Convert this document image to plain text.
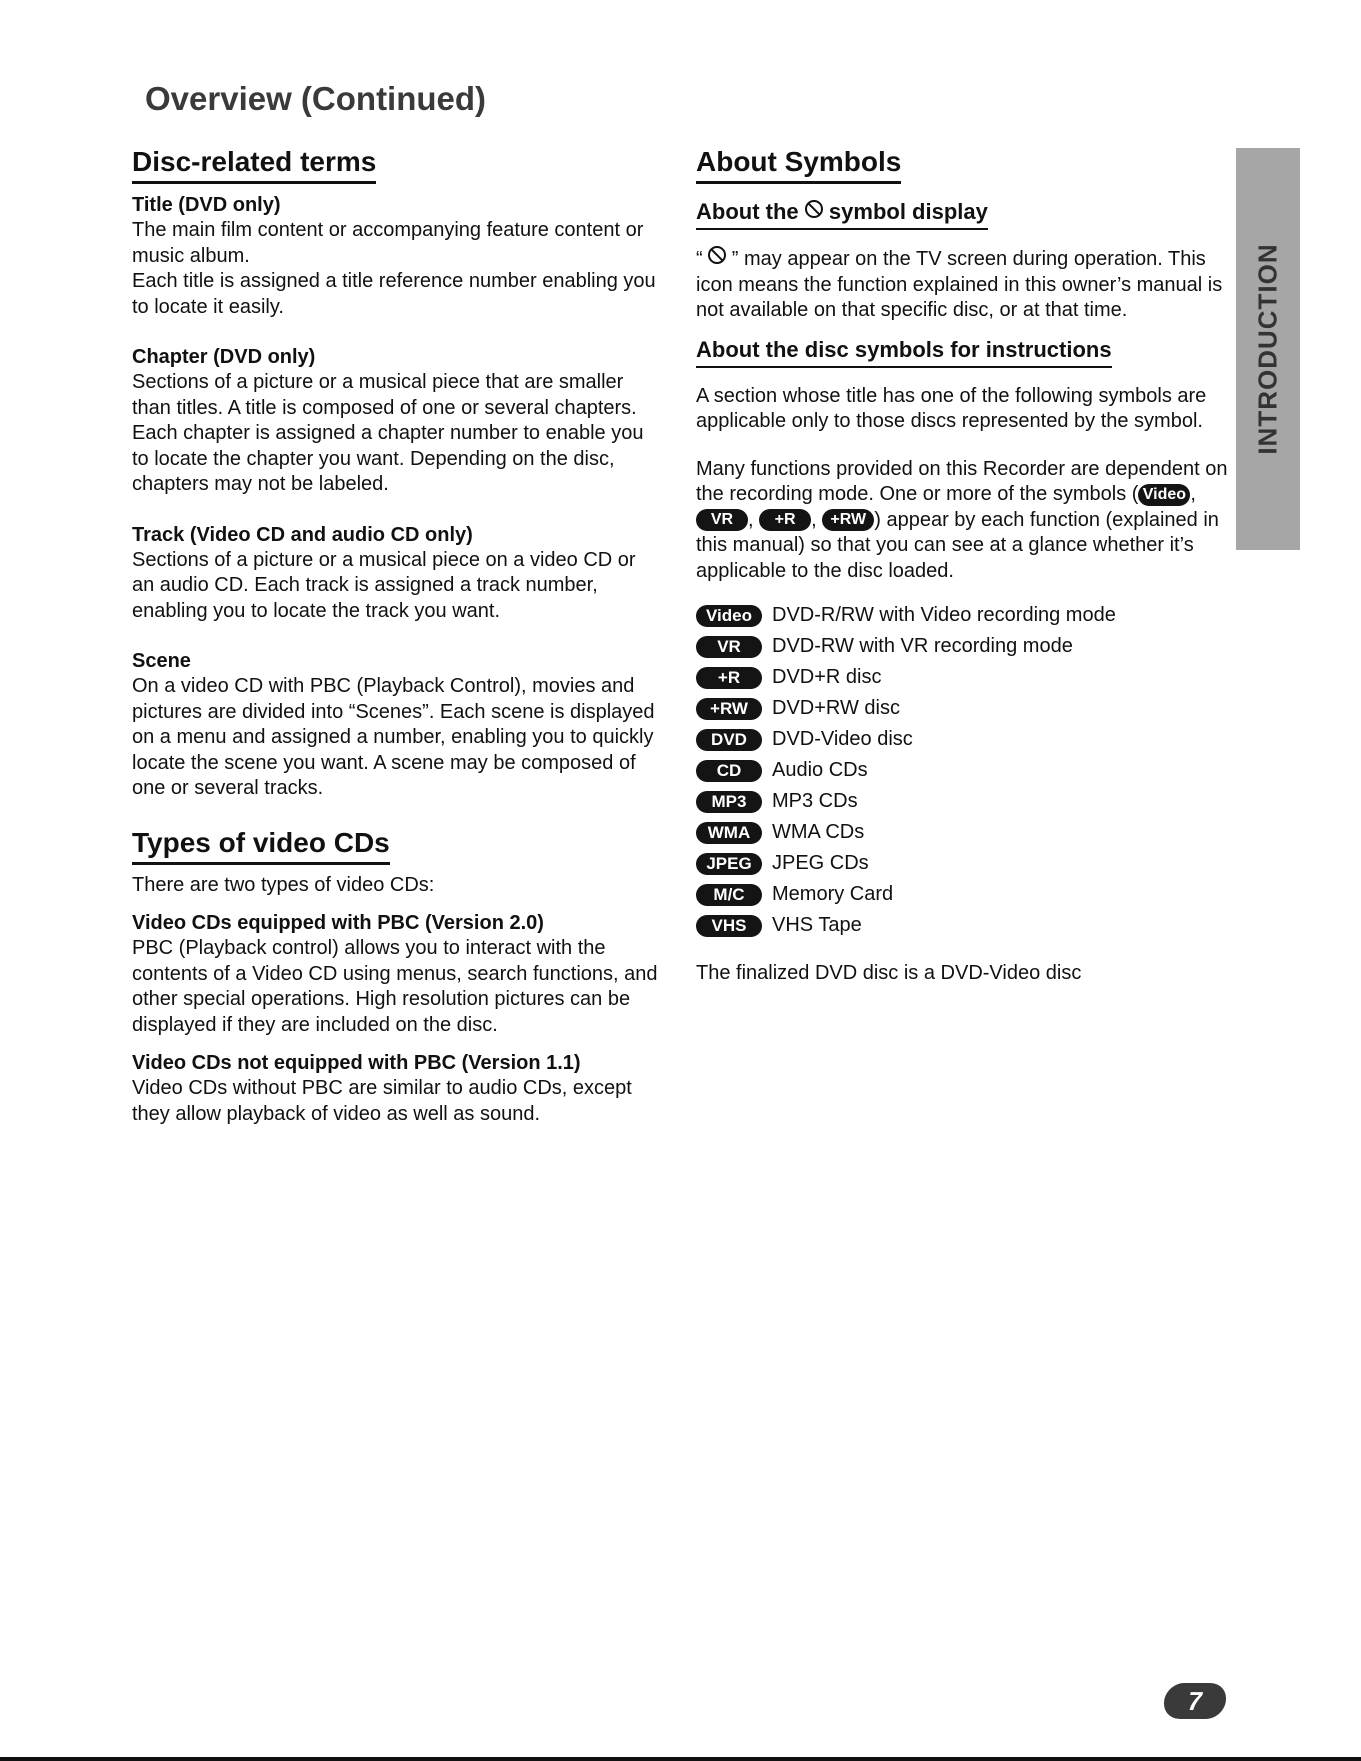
Overview (Continued)
Disc-related terms
Title (DVD only)

The main film content or accompanying feature content or music album.

Each title is assigned a title reference number enabling you to locate it easily.

Chapter (DVD only)

Sections of a picture or a musical piece that are smaller than titles. A title is composed of one or several chapters. Each chapter is assigned a chapter number to enable you to locate the chapter you want. Depending on the disc, chapters may not be labeled.

Track (Video CD and audio CD only)

Sections of a picture or a musical piece on a video CD or an audio CD. Each track is assigned a track number, enabling you to locate the track you want.

Scene

On a video CD with PBC (Playback Control), movies and pictures are divided into “Scenes”. Each scene is displayed on a menu and assigned a number, enabling you to quickly locate the scene you want. A scene may be composed of one or several tracks.

Types of video CDs

There are two types of video CDs:

Video CDs equipped with PBC (Version 2.0)

PBC (Playback control) allows you to interact with the contents of a Video CD using menus, search functions, and other special operations. High resolution pictures can be displayed if they are included on the disc.

Video CDs not equipped with PBC (Version 1.1)

Video CDs without PBC are similar to audio CDs, except they allow playback of video as well as sound.

About Symbols
About the symbol display

“ ” may appear on the TV screen during operation. This icon means the function explained in this owner’s manual is not available on that specific disc, or at that time.

About the disc symbols for instructions

A section whose title has one of the following symbols are applicable only to those discs represented by the symbol.

Many functions provided on this Recorder are dependent on the recording mode. One or more of the symbols ( Video , VR , +R , +RW ) appear by each function (explained in this manual) so that you can see at a glance whether it’s applicable to the disc loaded.

Video	DVD-R/RW with Video recording mode
VR	DVD-RW with VR recording mode
+R	DVD+R disc
+RW	DVD+RW disc
DVD	DVD-Video disc
CD	Audio CDs
MP3	MP3 CDs
WMA	WMA CDs
JPEG	JPEG CDs
M/C	Memory Card
VHS	VHS Tape

The finalized DVD disc is a DVD-Video disc

INTRODUCTION
7
